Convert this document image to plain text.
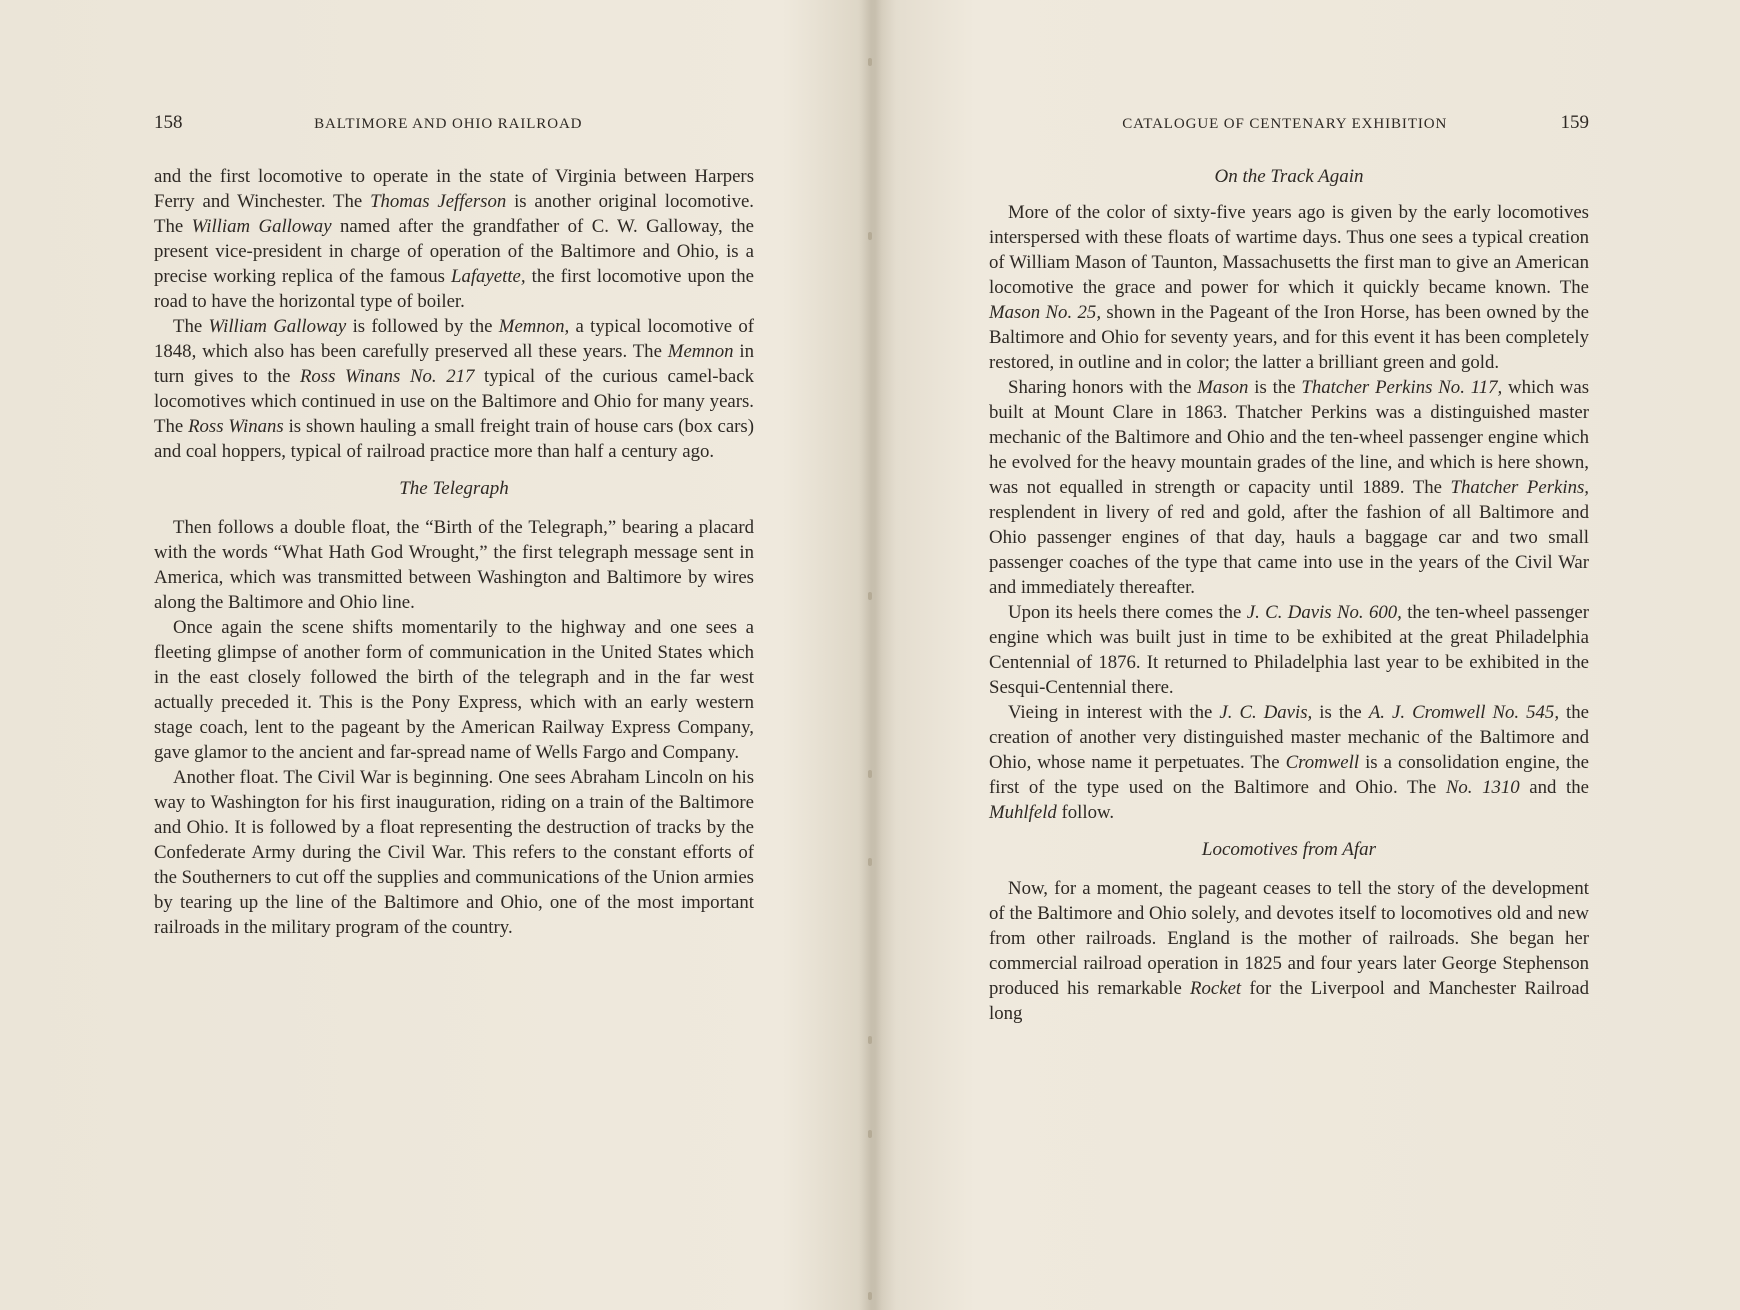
158	BALTIMORE AND OHIO RAILROAD

and the first locomotive to operate in the state of Virginia between Harpers Ferry and Winchester. The Thomas Jefferson is another original locomotive. The William Galloway named after the grandfather of C. W. Galloway, the present vice-president in charge of operation of the Baltimore and Ohio, is a precise working replica of the famous Lafayette, the first locomotive upon the road to have the horizontal type of boiler.

The William Galloway is followed by the Memnon, a typical locomotive of 1848, which also has been carefully preserved all these years. The Memnon in turn gives to the Ross Winans No. 217 typical of the curious camel-back locomotives which continued in use on the Baltimore and Ohio for many years. The Ross Winans is shown hauling a small freight train of house cars (box cars) and coal hoppers, typical of railroad practice more than half a century ago.

The Telegraph

Then follows a double float, the “Birth of the Telegraph,” bearing a placard with the words “What Hath God Wrought,” the first telegraph message sent in America, which was transmitted between Washington and Baltimore by wires along the Baltimore and Ohio line.

Once again the scene shifts momentarily to the highway and one sees a fleeting glimpse of another form of communication in the United States which in the east closely followed the birth of the telegraph and in the far west actually preceded it. This is the Pony Express, which with an early western stage coach, lent to the pageant by the American Railway Express Company, gave glamor to the ancient and far-spread name of Wells Fargo and Company.

Another float. The Civil War is beginning. One sees Abraham Lincoln on his way to Washington for his first inauguration, riding on a train of the Baltimore and Ohio. It is followed by a float representing the destruction of tracks by the Confederate Army during the Civil War. This refers to the constant efforts of the Southerners to cut off the supplies and communications of the Union armies by tearing up the line of the Baltimore and Ohio, one of the most important railroads in the military program of the country.

CATALOGUE OF CENTENARY EXHIBITION	159
On the Track Again

More of the color of sixty-five years ago is given by the early locomotives interspersed with these floats of wartime days. Thus one sees a typical creation of William Mason of Taunton, Massachusetts the first man to give an American locomotive the grace and power for which it quickly became known. The Mason No. 25, shown in the Pageant of the Iron Horse, has been owned by the Baltimore and Ohio for seventy years, and for this event it has been completely restored, in outline and in color; the latter a brilliant green and gold.

Sharing honors with the Mason is the Thatcher Perkins No. 117, which was built at Mount Clare in 1863. Thatcher Perkins was a distinguished master mechanic of the Baltimore and Ohio and the ten-wheel passenger engine which he evolved for the heavy mountain grades of the line, and which is here shown, was not equalled in strength or capacity until 1889. The Thatcher Perkins, resplendent in livery of red and gold, after the fashion of all Baltimore and Ohio passenger engines of that day, hauls a baggage car and two small passenger coaches of the type that came into use in the years of the Civil War and immediately thereafter.

Upon its heels there comes the J. C. Davis No. 600, the ten-wheel passenger engine which was built just in time to be exhibited at the great Philadelphia Centennial of 1876. It returned to Philadelphia last year to be exhibited in the Sesqui-Centennial there.

Vieing in interest with the J. C. Davis, is the A. J. Cromwell No. 545, the creation of another very distinguished master mechanic of the Baltimore and Ohio, whose name it perpetuates. The Cromwell is a consolidation engine, the first of the type used on the Baltimore and Ohio. The No. 1310 and the Muhlfeld follow.

Locomotives from Afar

Now, for a moment, the pageant ceases to tell the story of the development of the Baltimore and Ohio solely, and devotes itself to locomotives old and new from other railroads. England is the mother of railroads. She began her commercial railroad operation in 1825 and four years later George Stephenson produced his remarkable Rocket for the Liverpool and Manchester Railroad long
